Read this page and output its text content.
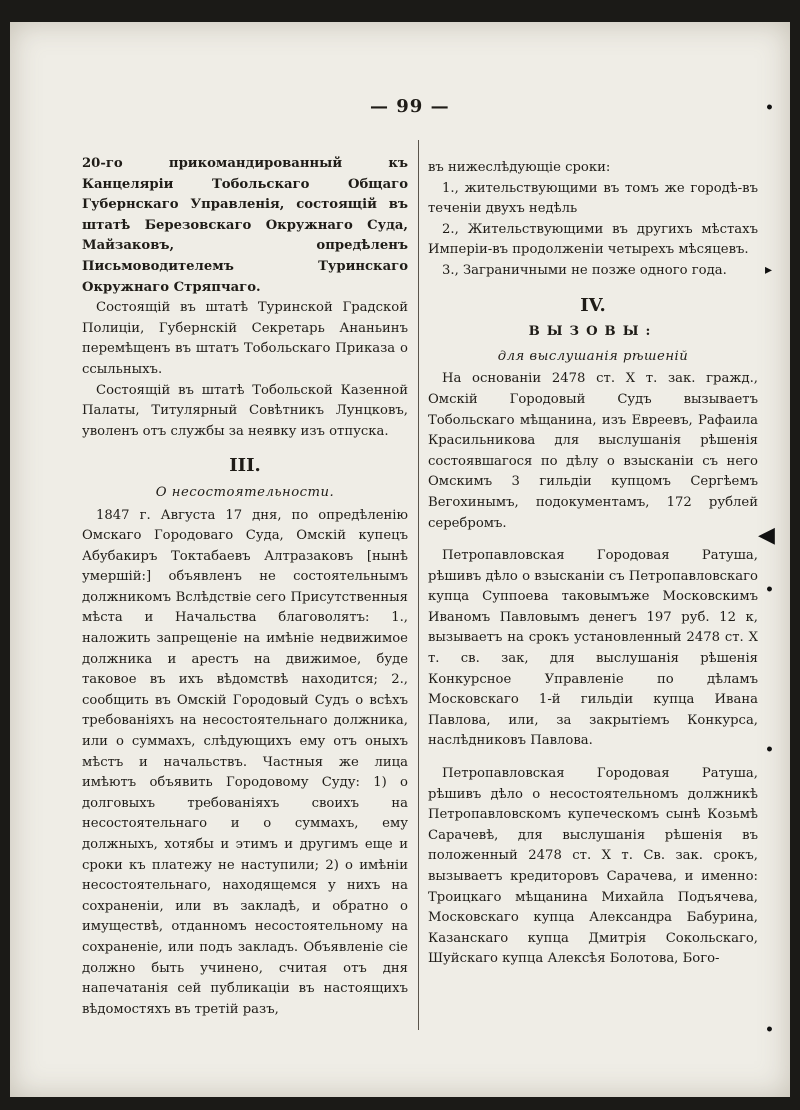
— 99 —

20-го прикомандированный къ Канцелярiи Тобольскаго Общаго Губернскаго Управленiя, состоящiй въ штатѣ Березовскаго Окружнаго Суда, Майзаковъ, опредѣленъ Письмоводителемъ Туринскаго Окружнаго Стряпчаго.

Состоящiй въ штатѣ Туринской Градской Полицiи, Губернскiй Секретарь Ананьинъ перемѣщенъ въ штатъ Тобольскаго Приказа о ссыльныхъ.

Состоящiй въ штатѣ Тобольской Казенной Палаты, Титулярный Совѣтникъ Лунцковъ, уволенъ отъ службы за неявку изъ отпуска.

III.
О несостоятельности.

1847 г. Августа 17 дня, по опредѣленiю Омскаго Городоваго Суда, Омскiй купецъ Абубакиръ Токтабаевъ Алтразаковъ [нынѣ умершiй:] объявленъ не состоятельнымъ должникомъ Вслѣдствiе сего Присутственныя мѣста и Начальства благоволятъ: 1., наложить запрещенiе на имѣнiе недвижимое должника и арестъ на движимое, буде таковое въ ихъ вѣдомствѣ находится; 2., сообщить въ Омскiй Городовый Судъ о всѣхъ требованiяхъ на несостоятельнаго должника, или о суммахъ, слѣдующихъ ему отъ оныхъ мѣстъ и начальствъ. Частныя же лица имѣютъ объявить Городовому Суду: 1) о долговыхъ требованiяхъ своихъ на несостоятельнаго и о суммахъ, ему должныхъ, хотябы и этимъ и другимъ еще и сроки къ платежу не наступили; 2) о имѣнiи несостоятельнаго, находящемся у нихъ на сохраненiи, или въ закладѣ, и обратно о имуществѣ, отданномъ несостоятельному на сохраненiе, или подъ закладъ. Объявленiе сiе должно быть учинено, считая отъ дня напечатанiя сей публикацiи въ настоящихъ вѣдомостяхъ въ третiй разъ,

въ нижеслѣдующiе сроки:

1., жительствующими въ томъ же городѣ-въ теченiи двухъ недѣль

2., Жительствующими въ другихъ мѣстахъ Имперiи-въ продолженiи четырехъ мѣсяцевъ.

3., Заграничными не позже одного года.

IV.
ВЫЗОВЫ:
для выслушанiя рѣшенiй

На основанiи 2478 ст. X т. зак. гражд., Омскiй Городовый Судъ вызываетъ Тобольскаго мѣщанина, изъ Евреевъ, Рафаила Красильникова для выслушанiя рѣшенiя состоявшагося по дѣлу о взысканiи съ него Омскимъ 3 гильдiи купцомъ Сергѣемъ Вегохинымъ, подокументамъ, 172 рублей серебромъ.

Петропавловская Городовая Ратуша, рѣшивъ дѣло о взысканiи съ Петропавловскаго купца Суппоева таковымъже Московскимъ Иваномъ Павловымъ денегъ 197 руб. 12 к, вызываетъ на срокъ установленный 2478 ст. X т. св. зак, для выслушанiя рѣшенiя Конкурсное Управленiе по дѣламъ Московскаго 1-й гильдiи купца Ивана Павлова, или, за закрытiемъ Конкурса, наслѣдниковъ Павлова.

Петропавловская Городовая Ратуша, рѣшивъ дѣло о несостоятельномъ должникѣ Петропавловскомъ купеческомъ сынѣ Козьмѣ Сарачевѣ, для выслушанiя рѣшенiя въ положенный 2478 ст. X т. Св. зак. срокъ, вызываетъ кредиторовъ Сарачева, и именно: Троицкаго мѣщанина Михайла Подъячева, Московскаго купца Александра Бабурина, Казанскаго купца Дмитрiя Сокольскаго, Шуйскаго купца Алексѣя Болотова, Бого-

•
▸
◀
•
•
•
